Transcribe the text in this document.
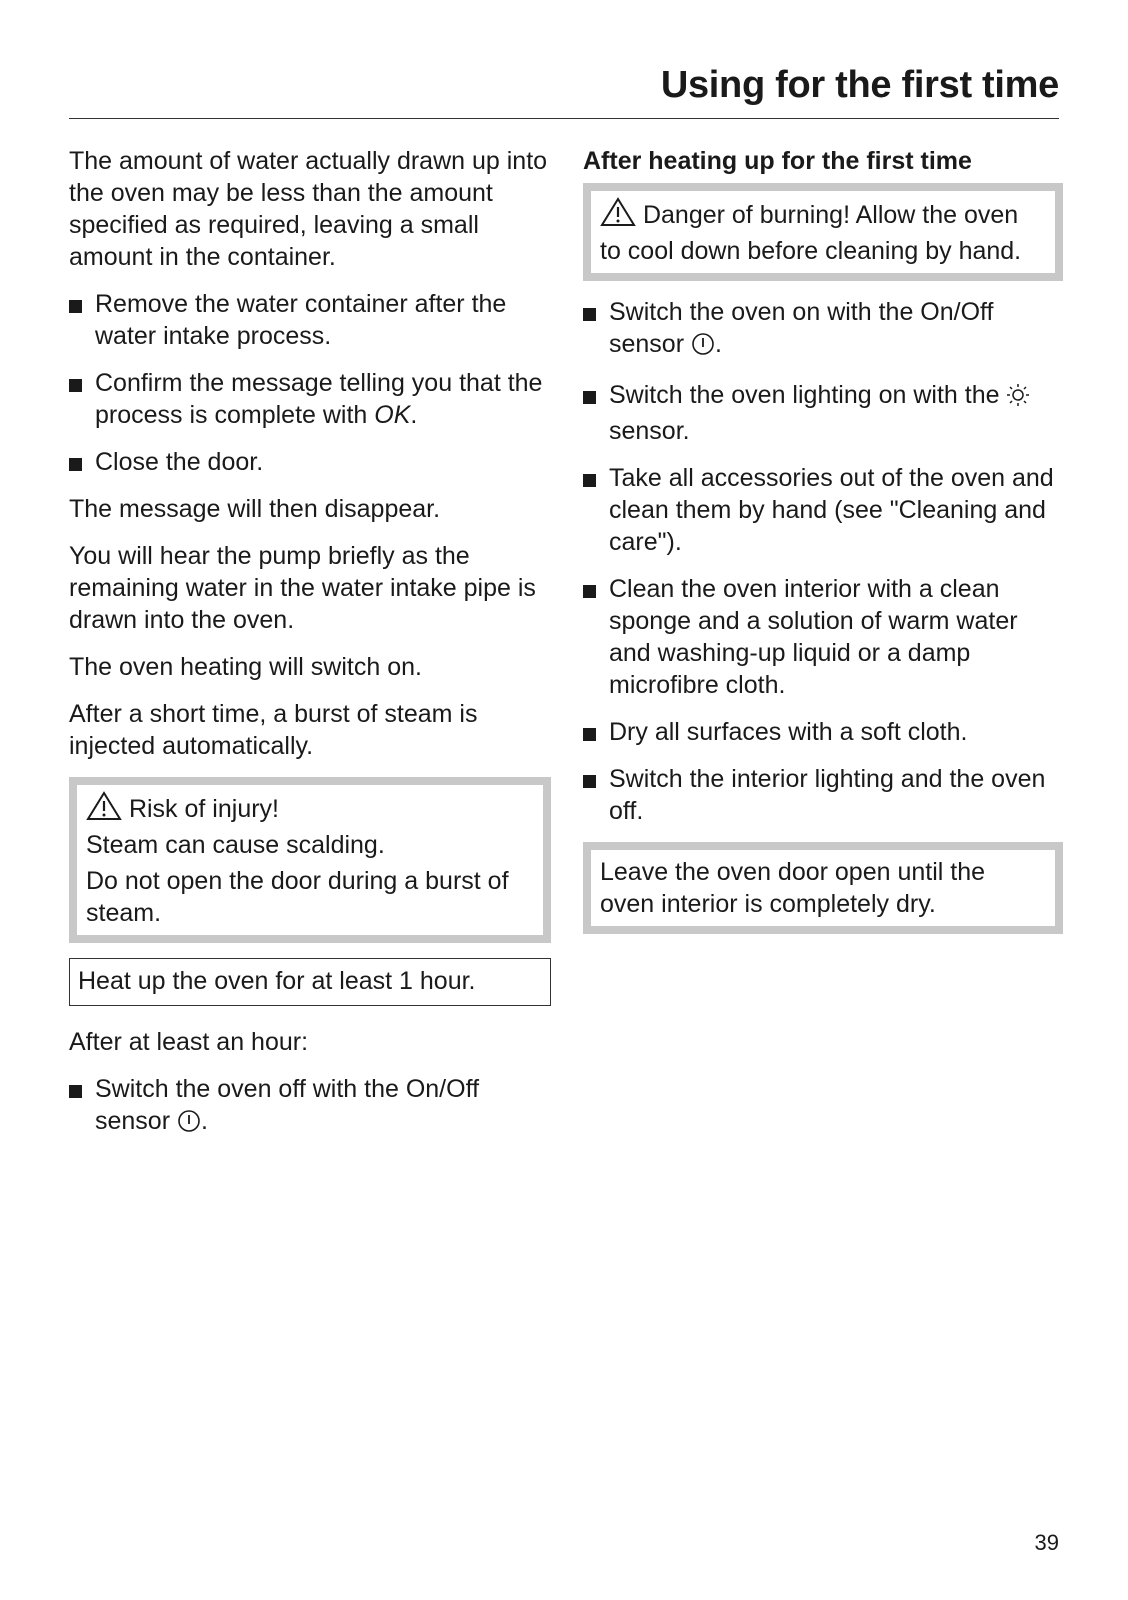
Using for the first time

The amount of water actually drawn up into the oven may be less than the amount specified as required, leaving a small amount in the container.

Remove the water container after the water intake process.
Confirm the message telling you that the process is complete with OK.
Close the door.

The message will then disappear.

You will hear the pump briefly as the remaining water in the water intake pipe is drawn into the oven.

The oven heating will switch on.

After a short time, a burst of steam is injected automatically.

Risk of injury!
Steam can cause scalding.

Do not open the door during a burst of steam.

Heat up the oven for at least 1 hour.

After at least an hour:

Switch the oven off with the On/Off sensor .

After heating up for the first time

Danger of burning! Allow the oven to cool down before cleaning by hand.

Switch the oven on with the On/Off sensor .
Switch the oven lighting on with the  sensor.
Take all accessories out of the oven and clean them by hand (see "Cleaning and care").
Clean the oven interior with a clean sponge and a solution of warm water and washing-up liquid or a damp microfibre cloth.
Dry all surfaces with a soft cloth.
Switch the interior lighting and the oven off.

Leave the oven door open until the oven interior is completely dry.

39
